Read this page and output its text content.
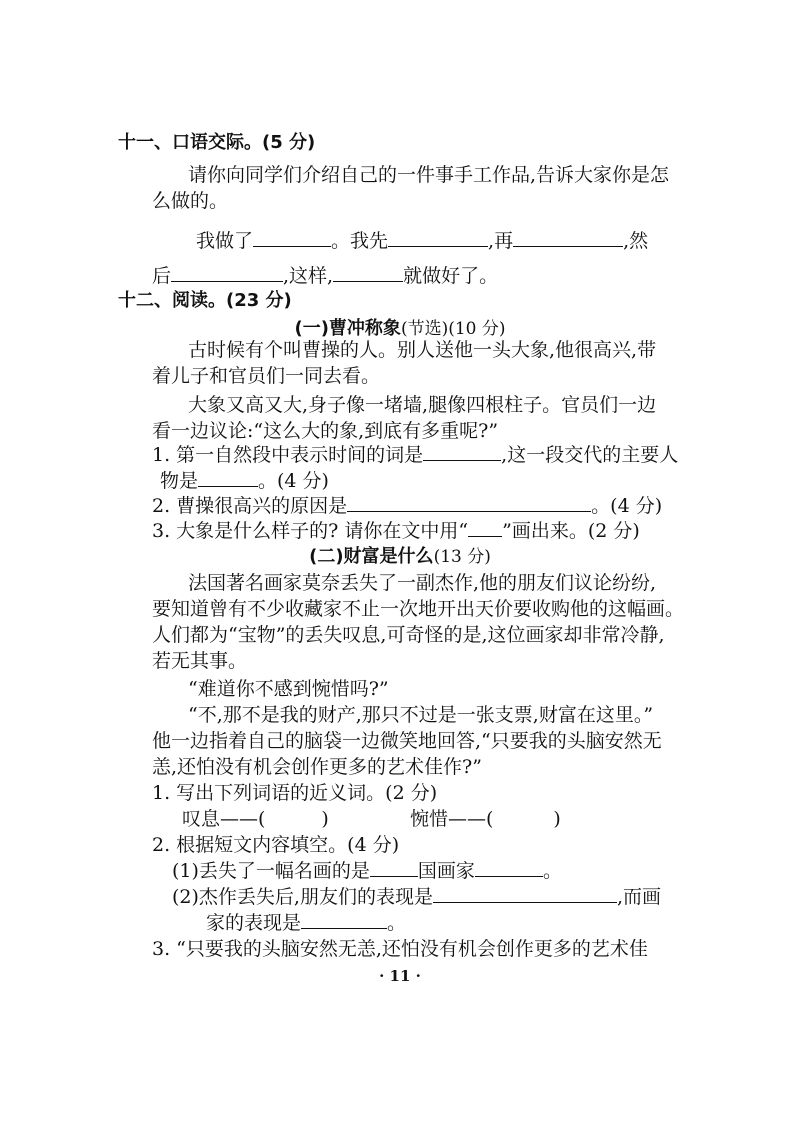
十一、口语交际。(5 分)
请你向同学们介绍自己的一件事手工作品,告诉大家你是怎
么做的。
我做了	。我先	,再	,然
后	,这样,	就做好了。
十二、阅读。(23 分)
(一)曹冲称象(节选)(10 分)
古时候有个叫曹操的人。别人送他一头大象,他很高兴,带
着儿子和官员们一同去看。
大象又高又大,身子像一堵墙,腿像四根柱子。官员们一边
看一边议论:“这么大的象,到底有多重呢?”
1. 第一自然段中表示时间的词是	,这一段交代的主要人
物是	。(4 分)
2. 曹操很高兴的原因是	。(4 分)
3. 大象是什么样子的? 请你在文中用“ ”画出来。(2 分)
(二)财富是什么(13 分)
法国著名画家莫奈丢失了一副杰作,他的朋友们议论纷纷,
要知道曾有不少收藏家不止一次地开出天价要收购他的这幅画。
人们都为“宝物”的丢失叹息,可奇怪的是,这位画家却非常冷静,
若无其事。
“难道你不感到惋惜吗?”
“不,那不是我的财产,那只不过是一张支票,财富在这里。”
他一边指着自己的脑袋一边微笑地回答,“只要我的头脑安然无
恙,还怕没有机会创作更多的艺术佳作?”
1. 写出下列词语的近义词。(2 分)
叹息——(	)	惋惜——(	)
2. 根据短文内容填空。(4 分)
(1)丢失了一幅名画的是	国画家	。
(2)杰作丢失后,朋友们的表现是	,而画
家的表现是	。
3. “只要我的头脑安然无恙,还怕没有机会创作更多的艺术佳
· 11 ·
